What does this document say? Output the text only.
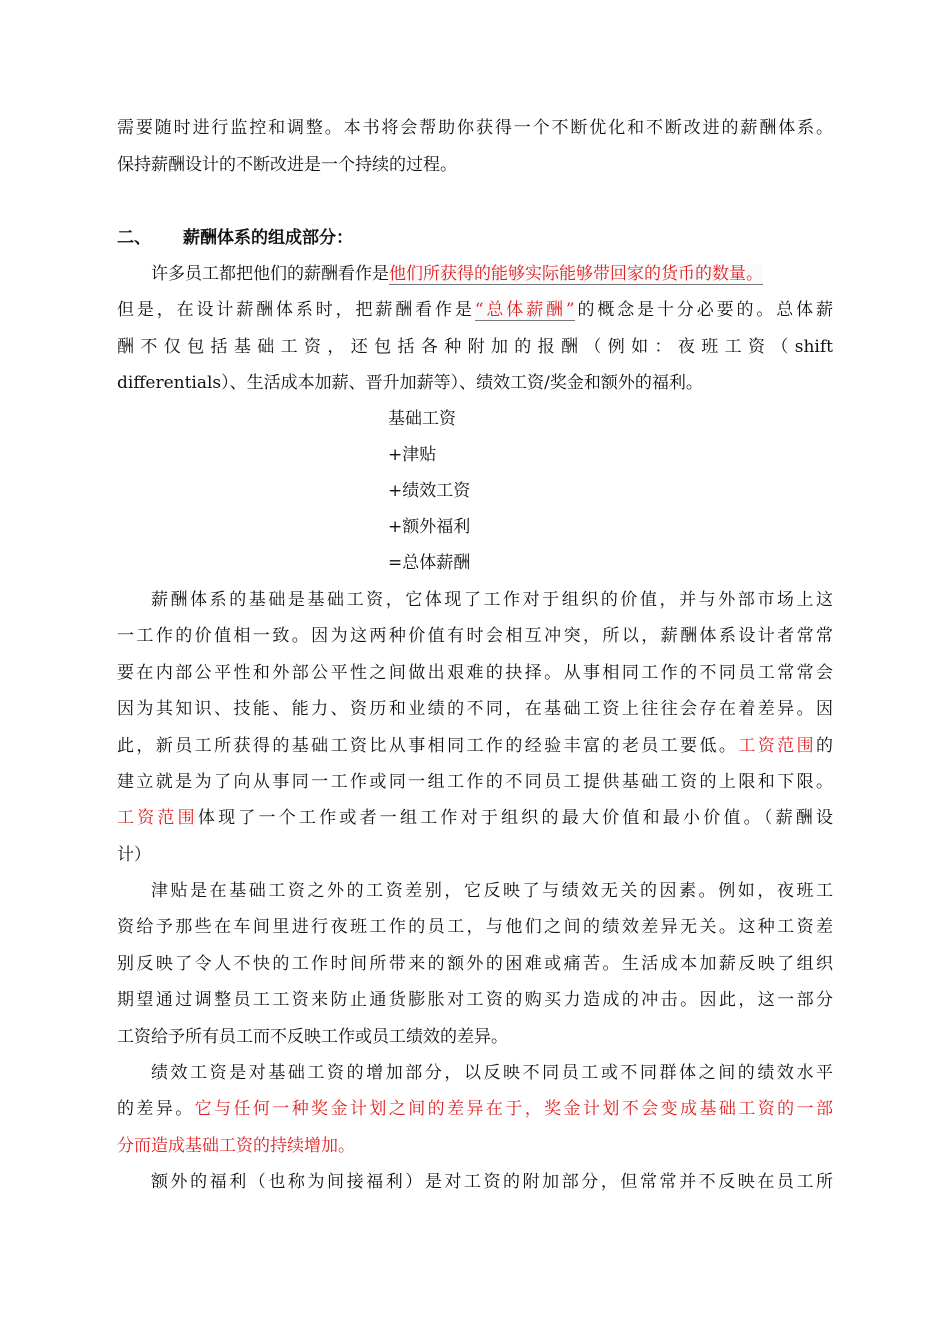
需要随时进行监控和调整。本书将会帮助你获得一个不断优化和不断改进的薪酬体系。
保持薪酬设计的不断改进是一个持续的过程。
二、 薪酬体系的组成部分：
许多员工都把他们的薪酬看作是他们所获得的能够实际能够带回家的货币的数量。
但是，在设计薪酬体系时，把薪酬看作是“总体薪酬”的概念是十分必要的。总体薪
酬不仅包括基础工资，还包括各种附加的报酬（例如：夜班工资（shift
differentials）、生活成本加薪、晋升加薪等）、绩效工资/奖金和额外的福利。
基础工资
+津贴
+绩效工资
+额外福利
=总体薪酬
薪酬体系的基础是基础工资，它体现了工作对于组织的价值，并与外部市场上这
一工作的价值相一致。因为这两种价值有时会相互冲突，所以，薪酬体系设计者常常
要在内部公平性和外部公平性之间做出艰难的抉择。从事相同工作的不同员工常常会
因为其知识、技能、能力、资历和业绩的不同，在基础工资上往往会存在着差异。因
此，新员工所获得的基础工资比从事相同工作的经验丰富的老员工要低。工资范围的
建立就是为了向从事同一工作或同一组工作的不同员工提供基础工资的上限和下限。
工资范围体现了一个工作或者一组工作对于组织的最大价值和最小价值。（薪酬设
计）
津贴是在基础工资之外的工资差别，它反映了与绩效无关的因素。例如，夜班工
资给予那些在车间里进行夜班工作的员工，与他们之间的绩效差异无关。这种工资差
别反映了令人不快的工作时间所带来的额外的困难或痛苦。生活成本加薪反映了组织
期望通过调整员工工资来防止通货膨胀对工资的购买力造成的冲击。因此，这一部分
工资给予所有员工而不反映工作或员工绩效的差异。
绩效工资是对基础工资的增加部分，以反映不同员工或不同群体之间的绩效水平
的差异。它与任何一种奖金计划之间的差异在于，奖金计划不会变成基础工资的一部
分而造成基础工资的持续增加。
额外的福利（也称为间接福利）是对工资的附加部分，但常常并不反映在员工所
